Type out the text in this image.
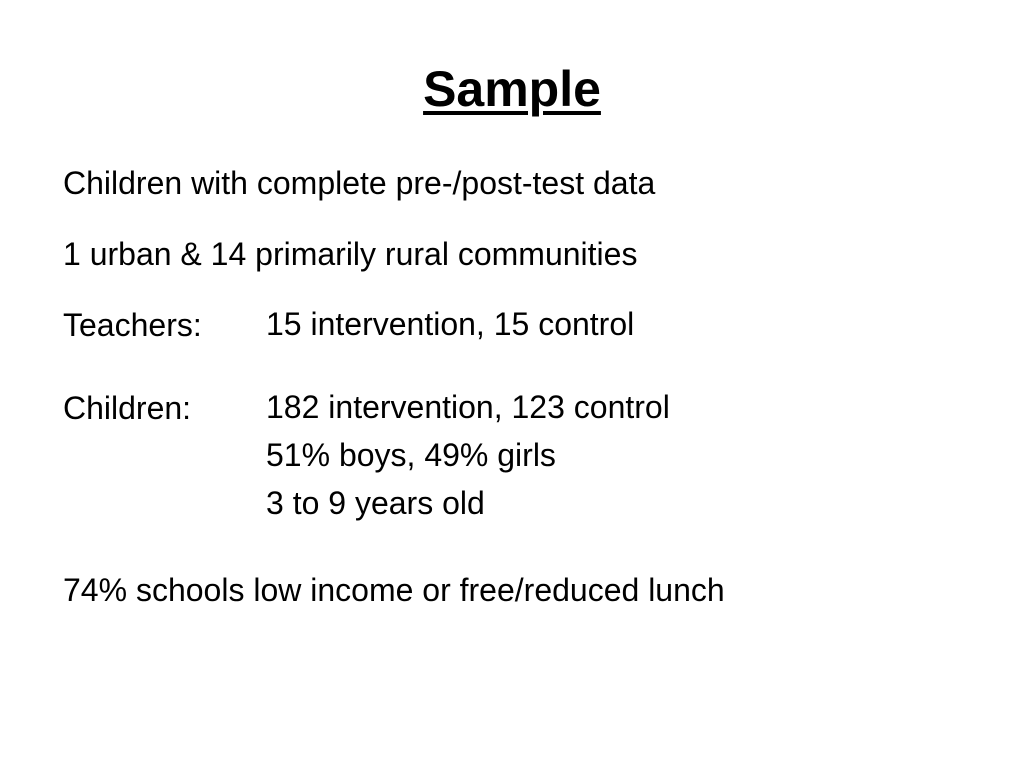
Sample

Children with complete pre-/post-test data

1 urban & 14 primarily rural communities

Teachers: 15 intervention, 15 control
Children: 182 intervention, 123 control
51% boys, 49% girls
3 to 9 years old

74% schools low income or free/reduced lunch
